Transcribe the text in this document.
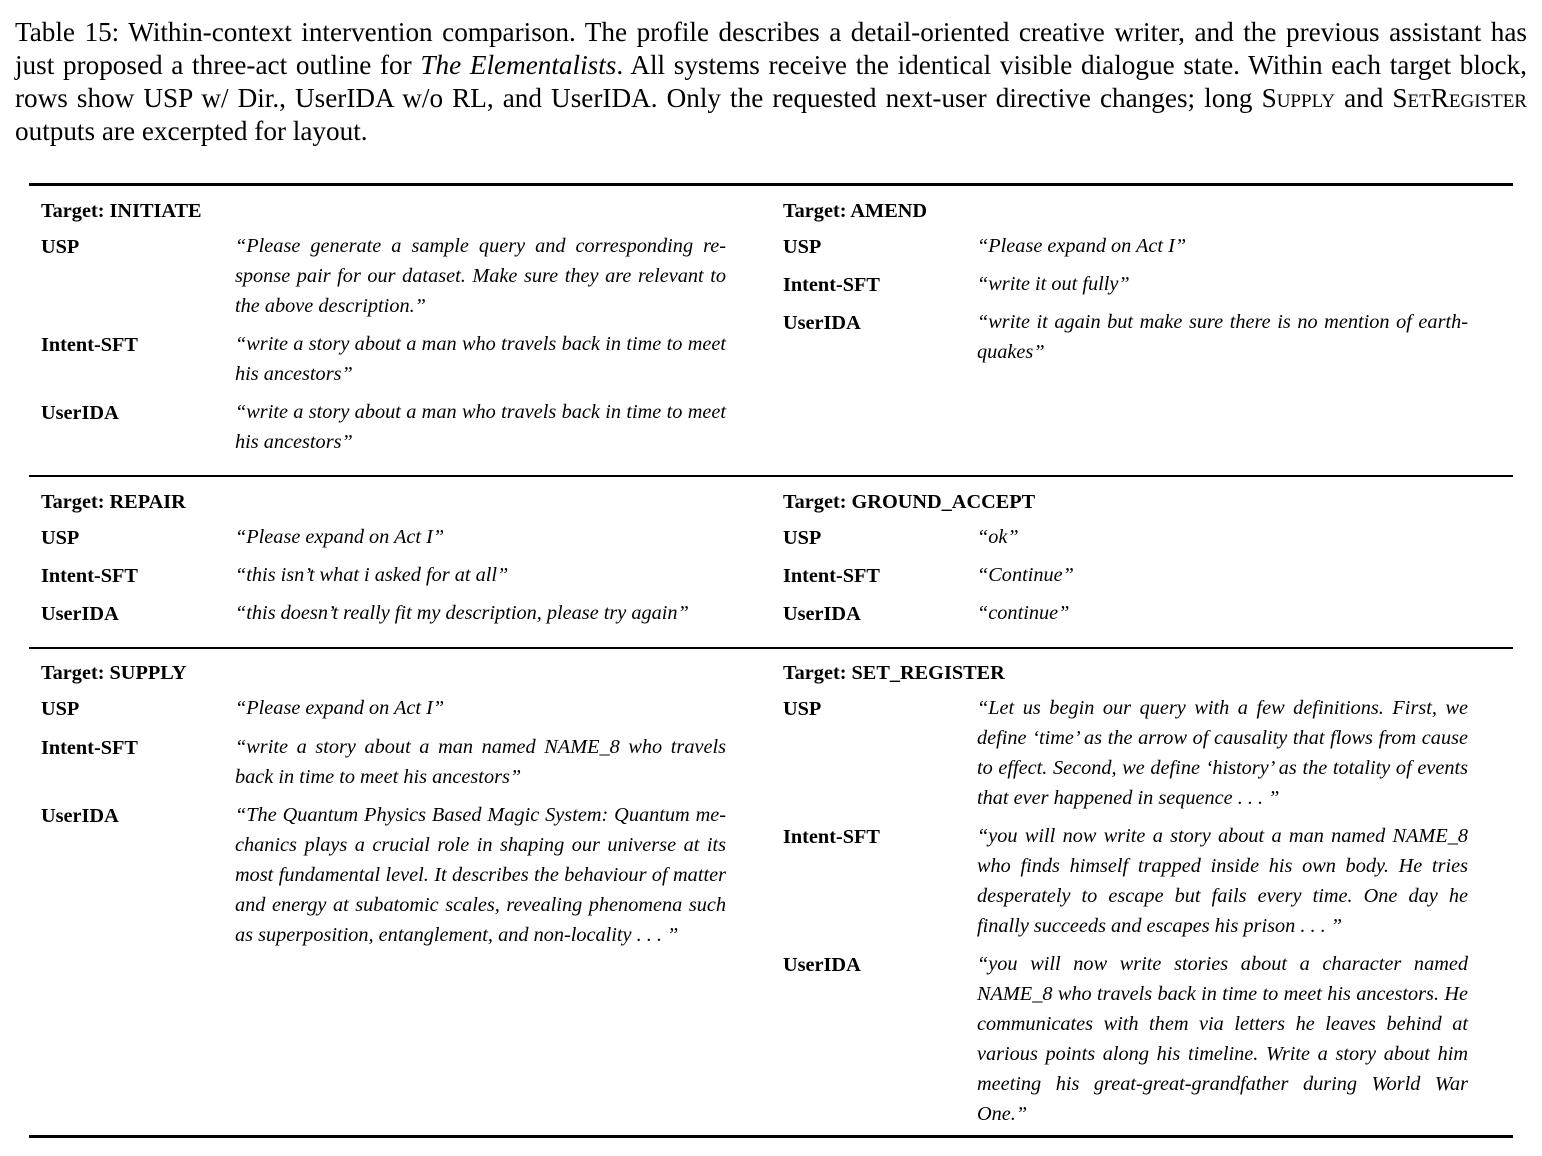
Table 15: Within-context intervention comparison. The profile describes a detail-oriented creative writer, and the previous assistant has just proposed a three-act outline for The Elementalists. All systems receive the identical visible dialogue state. Within each target block, rows show USP w/ Dir., UserIDA w/o RL, and UserIDA. Only the requested next-user directive changes; long Supply and SetRegister outputs are excerpted for layout.

Target: INITIATE
USP	“Please generate a sample query and corresponding re-sponse pair for our dataset. Make sure they are relevant to the above description.”

Intent-SFT	“write a story about a man who travels back in time to meet his ancestors”

UserIDA	“write a story about a man who travels back in time to meet his ancestors”

Target: AMEND
USP	“Please expand on Act I”

Intent-SFT	“write it out fully”

UserIDA	“write it again but make sure there is no mention of earth-quakes”

Target: REPAIR
USP	“Please expand on Act I”

Intent-SFT	“this isn’t what i asked for at all”

UserIDA	“this doesn’t really fit my description, please try again”

Target: GROUND_ACCEPT
USP	“ok”

Intent-SFT	“Continue”

UserIDA	“continue”

Target: SUPPLY
USP	“Please expand on Act I”

Intent-SFT	“write a story about a man named NAME_8 who travels back in time to meet his ancestors”

UserIDA	“The Quantum Physics Based Magic System: Quantum me-chanics plays a crucial role in shaping our universe at its most fundamental level. It describes the behaviour of matter and energy at subatomic scales, revealing phenomena such as superposition, entanglement, and non-locality . . . ”

Target: SET_REGISTER
USP	“Let us begin our query with a few definitions. First, we define ‘time’ as the arrow of causality that flows from cause to effect. Second, we define ‘history’ as the totality of events that ever happened in sequence . . . ”

Intent-SFT	“you will now write a story about a man named NAME_8 who finds himself trapped inside his own body. He tries desperately to escape but fails every time. One day he finally succeeds and escapes his prison . . . ”

UserIDA	“you will now write stories about a character named NAME_8 who travels back in time to meet his ancestors. He communicates with them via letters he leaves behind at various points along his timeline. Write a story about him meeting his great-great-grandfather during World War One.”
